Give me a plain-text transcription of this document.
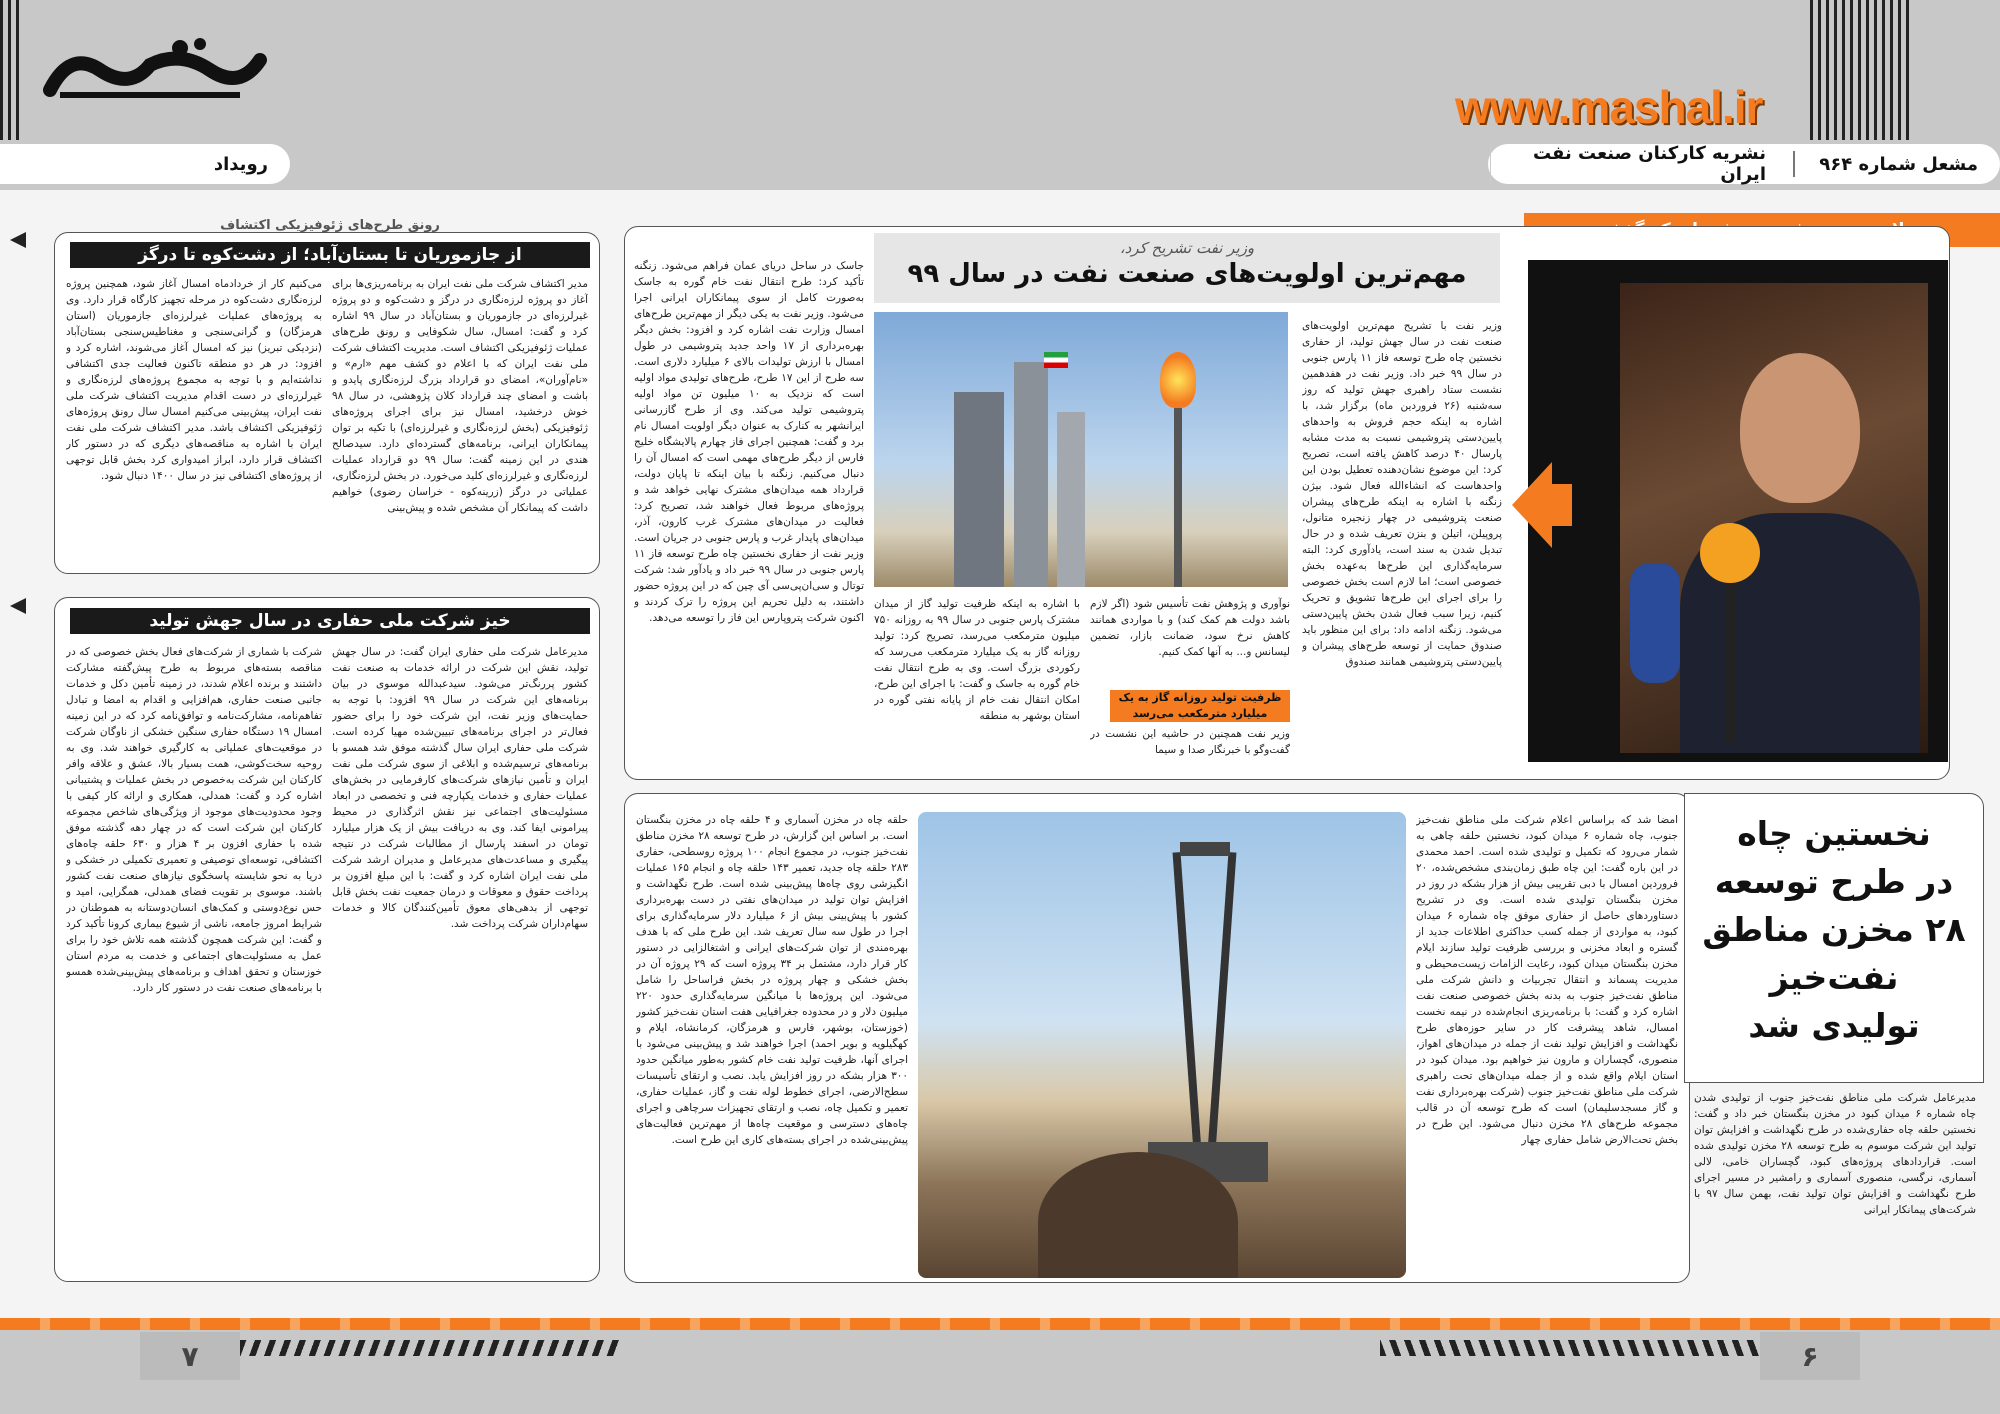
www.mashal.ir
مشعل شماره ۹۶۴
نشریه کارکنان صنعت نفت ایران
رویداد
وزیر نفت تشریح کرد،
مهم‌ترین اولویت‌های صنعت نفت در سال ۹۹
وزیر نفت با تشریح مهم‌ترین اولویت‌های صنعت نفت در سال جهش تولید، از حفاری نخستین چاه طرح توسعه فاز ۱۱ پارس جنوبی در سال ۹۹ خبر داد. وزیر نفت در هفدهمین نشست ستاد راهبری جهش تولید که روز سه‌شنبه (۲۶ فروردین ماه) برگزار شد، با اشاره به اینکه حجم فروش به واحدهای پایین‌دستی پتروشیمی نسبت به مدت مشابه پارسال ۴۰ درصد کاهش یافته است، تصریح کرد: این موضوع نشان‌دهنده تعطیل بودن این واحدهاست که انشاءالله فعال شود. بیژن زنگنه با اشاره به اینکه طرح‌های پیشران صنعت پتروشیمی در چهار زنجیره متانول، پروپیلن، اتیلن و بنزن تعریف شده و در حال تبدیل شدن به سند است، یادآوری کرد: البته سرمایه‌گذاری این طرح‌ها به‌عهده بخش خصوصی است؛ اما لازم است بخش خصوصی را برای اجرای این طرح‌ها تشویق و تحریک کنیم، زیرا سبب فعال شدن بخش پایین‌دستی می‌شود. زنگنه ادامه داد: برای این منظور باید صندوق حمایت از توسعه طرح‌های پیشران و پایین‌دستی پتروشیمی همانند صندوق
نوآوری و پژوهش نفت تأسیس شود (اگر لازم باشد دولت هم کمک کند) و با مواردی همانند کاهش نرخ سود، ضمانت بازار، تضمین لیسانس و... به آنها کمک کنیم.
ظرفیت تولید روزانه گاز به یک میلیارد مترمکعب می‌رسد
وزیر نفت همچنین در حاشیه این نشست در گفت‌وگو با خبرنگار صدا و سیما
با اشاره به اینکه ظرفیت تولید گاز از میدان مشترک پارس جنوبی در سال ۹۹ به روزانه ۷۵۰ میلیون مترمکعب می‌رسد، تصریح کرد: تولید روزانه گاز به یک میلیارد مترمکعب می‌رسد که رکوردی بزرگ است. وی به طرح انتقال نفت خام گوره به جاسک و گفت: با اجرای این طرح، امکان انتقال نفت خام از پایانه نفتی گوره در استان بوشهر به منطقه
جاسک در ساحل دریای عمان فراهم می‌شود. زنگنه تأکید کرد: طرح انتقال نفت خام گوره به جاسک به‌صورت کامل از سوی پیمانکاران ایرانی اجرا می‌شود. وزیر نفت به یکی دیگر از مهم‌ترین طرح‌های امسال وزارت نفت اشاره کرد و افزود: بخش دیگر بهره‌برداری از ۱۷ واحد جدید پتروشیمی در طول امسال با ارزش تولیدات بالای ۶ میلیارد دلاری است. سه طرح از این ۱۷ طرح، طرح‌های تولیدی مواد اولیه است که نزدیک به ۱۰ میلیون تن مواد اولیه پتروشیمی تولید می‌کند. وی از طرح گازرسانی ایرانشهر به کنارک به عنوان دیگر اولویت امسال نام برد و گفت: همچنین اجرای فاز چهارم پالایشگاه خلیج فارس از دیگر طرح‌های مهمی است که امسال آن را دنبال می‌کنیم. زنگنه با بیان اینکه تا پایان دولت، قرارداد همه میدان‌های مشترک نهایی خواهد شد و پروژه‌های مربوط فعال خواهند شد، تصریح کرد: فعالیت در میدان‌های مشترک غرب کارون، آذر، میدان‌های پایدار غرب و پارس جنوبی در جریان است. وزیر نفت از حفاری نخستین چاه طرح توسعه فاز ۱۱ پارس جنوبی در سال ۹۹ خبر داد و یادآور شد: شرکت توتال و سی‌ان‌پی‌سی آی چین که در این پروژه حضور داشتند، به دلیل تحریم این پروژه را ترک کردند و اکنون شرکت پتروپارس این فاز را توسعه می‌دهد.
نخستین چاه
در طرح توسعه
۲۸ مخزن مناطق
نفت‌خیز
تولیدی شد
مدیرعامل شرکت ملی مناطق نفت‌خیز جنوب از تولیدی شدن چاه شماره ۶ میدان کبود در مخزن بنگستان خبر داد و گفت: نخستین حلقه چاه حفاری‌شده در طرح نگهداشت و افزایش توان تولید این شرکت موسوم به طرح توسعه ۲۸ مخزن تولیدی شده است. قراردادهای پروژه‌های کبود، گچساران خامی، لالی آسماری، نرگسی، منصوری آسماری و رامشیر در مسیر اجرای طرح نگهداشت و افزایش توان تولید نفت، بهمن سال ۹۷ با شرکت‌های پیمانکار ایرانی
امضا شد که براساس اعلام شرکت ملی مناطق نفت‌خیز جنوب، چاه شماره ۶ میدان کبود، نخستین حلقه چاهی به شمار می‌رود که تکمیل و تولیدی شده است. احمد محمدی در این باره گفت: این چاه طبق زمان‌بندی مشخص‌شده، ۲۰ فروردین امسال با دبی تقریبی بیش از هزار بشکه در روز در مخزن بنگستان تولیدی شده است. وی در تشریح دستاوردهای حاصل از حفاری موفق چاه شماره ۶ میدان کبود، به مواردی از جمله کسب حداکثری اطلاعات جدید از گستره و ابعاد مخزنی و بررسی ظرفیت تولید سازند ایلام مخزن بنگستان میدان کبود، رعایت الزامات زیست‌محیطی و مدیریت پسماند و انتقال تجربیات و دانش شرکت ملی مناطق نفت‌خیز جنوب به بدنه بخش خصوصی صنعت نفت اشاره کرد و گفت: با برنامه‌ریزی انجام‌شده در نیمه نخست امسال، شاهد پیشرفت کار در سایر حوزه‌های طرح نگهداشت و افزایش تولید نفت از جمله در میدان‌های اهواز، منصوری، گچساران و مارون نیز خواهیم بود. میدان کبود در استان ایلام واقع شده و از جمله میدان‌های تحت راهبری شرکت ملی مناطق نفت‌خیز جنوب (شرکت بهره‌برداری نفت و گاز مسجدسلیمان) است که طرح توسعه آن در قالب مجموعه طرح‌های ۲۸ مخزن دنبال می‌شود. این طرح در بخش تحت‌الارض شامل حفاری چهار
حلقه چاه در مخزن آسماری و ۴ حلقه چاه در مخزن بنگستان است. بر اساس این گزارش، در طرح توسعه ۲۸ مخزن مناطق نفت‌خیز جنوب، در مجموع انجام ۱۰۰ پروژه روسطحی، حفاری ۲۸۳ حلقه چاه جدید، تعمیر ۱۴۳ حلقه چاه و انجام ۱۶۵ عملیات انگیزشی روی چاه‌ها پیش‌بینی شده است. طرح نگهداشت و افزایش توان تولید در میدان‌های نفتی در دست بهره‌برداری کشور با پیش‌بینی بیش از ۶ میلیارد دلار سرمایه‌گذاری برای اجرا در طول سه سال تعریف شد. این طرح ملی که با هدف بهره‌مندی از توان شرکت‌های ایرانی و اشتغالزایی در دستور کار قرار دارد، مشتمل بر ۳۴ پروژه است که ۲۹ پروژه آن در بخش خشکی و چهار پروژه در بخش فراساحل را شامل می‌شود. این پروژه‌ها با میانگین سرمایه‌گذاری حدود ۲۲۰ میلیون دلار و در محدوده جغرافیایی هفت استان نفت‌خیز کشور (خوزستان، بوشهر، فارس و هرمزگان، کرمانشاه، ایلام و کهگیلویه و بویر احمد) اجرا خواهند شد و پیش‌بینی می‌شود با اجرای آنها، ظرفیت تولید نفت خام کشور به‌طور میانگین حدود ۳۰۰ هزار بشکه در روز افزایش یابد. نصب و ارتقای تأسیسات سطح‌الارضی، اجرای خطوط لوله نفت و گاز، عملیات حفاری، تعمیر و تکمیل چاه، نصب و ارتقای تجهیزات سرچاهی و اجرای چاه‌های دسترسی و موقعیت چاه‌ها از مهم‌ترین فعالیت‌های پیش‌بینی‌شده در اجرای بسته‌های کاری این طرح است.
رونق طرح‌های ژئوفیزیکی اکتشاف
از جازموریان تا بستان‌آباد؛ از دشت‌کوه تا درگز
مدیر اکتشاف شرکت ملی نفت ایران به برنامه‌ریزی‌ها برای آغاز دو پروژه لرزه‌نگاری در درگز و دشت‌کوه و دو پروژه غیرلرزه‌ای در جازموریان و بستان‌آباد در سال ۹۹ اشاره کرد و گفت: امسال، سال شکوفایی و رونق طرح‌های عملیات ژئوفیزیکی اکتشاف است. مدیریت اکتشاف شرکت ملی نفت ایران که با اعلام دو کشف مهم «ارم» و «نام‌آوران»، امضای دو قرارداد بزرگ لرزه‌نگاری پایدو و باشت و امضای چند قرارداد کلان پژوهشی، در سال ۹۸ خوش درخشید، امسال نیز برای اجرای پروژه‌های ژئوفیزیکی (بخش لرزه‌نگاری و غیرلرزه‌ای) با تکیه بر توان پیمانکاران ایرانی، برنامه‌های گسترده‌ای دارد. سیدصالح هندی در این زمینه گفت: سال ۹۹ دو قرارداد عملیات لرزه‌نگاری و غیرلرزه‌ای کلید می‌خورد. در بخش لرزه‌نگاری، عملیاتی در درگز (زرینه‌کوه - خراسان رضوی) خواهیم داشت که پیمانکار آن مشخص شده و پیش‌بینی
می‌کنیم کار از خردادماه امسال آغاز شود، همچنین پروژه لرزه‌نگاری دشت‌کوه در مرحله تجهیز کارگاه قرار دارد. وی به پروژه‌های عملیات غیرلرزه‌ای جازموریان (استان هرمزگان) و گرانی‌سنجی و مغناطیس‌سنجی بستان‌آباد (نزدیکی تبریز) نیز که امسال آغاز می‌شوند، اشاره کرد و افزود: در هر دو منطقه تاکنون فعالیت جدی اکتشافی نداشته‌ایم و با توجه به مجموع پروژه‌های لرزه‌نگاری و غیرلرزه‌ای در دست اقدام مدیریت اکتشاف شرکت ملی نفت ایران، پیش‌بینی می‌کنیم امسال سال رونق پروژه‌های ژئوفیزیکی اکتشاف باشد. مدیر اکتشاف شرکت ملی نفت ایران با اشاره به مناقصه‌های دیگری که در دستور کار اکتشاف قرار دارد، ابراز امیدواری کرد بخش قابل توجهی از پروژه‌های اکتشافی نیز در سال ۱۴۰۰ دنبال شود.
خیز شرکت ملی حفاری در سال جهش تولید
مدیرعامل شرکت ملی حفاری ایران گفت: در سال جهش تولید، نقش این شرکت در ارائه خدمات به صنعت نفت کشور پررنگ‌تر می‌شود. سیدعبدالله موسوی در بیان برنامه‌های این شرکت در سال ۹۹ افزود: با توجه به حمایت‌های وزیر نفت، این شرکت خود را برای حضور فعال‌تر در اجرای برنامه‌های تبیین‌شده مهیا کرده است. شرکت ملی حفاری ایران سال گذشته موفق شد همسو با برنامه‌های ترسیم‌شده و ابلاغی از سوی شرکت ملی نفت ایران و تأمین نیازهای شرکت‌های کارفرمایی در بخش‌های عملیات حفاری و خدمات یکپارچه فنی و تخصصی در ابعاد مسئولیت‌های اجتماعی نیز نقش اثرگذاری در محیط پیرامونی ایفا کند. وی به دریافت بیش از یک هزار میلیارد تومان در اسفند پارسال از مطالبات شرکت در نتیجه پیگیری و مساعدت‌های مدیرعامل و مدیران ارشد شرکت ملی نفت ایران اشاره کرد و گفت: با این مبلغ افزون بر پرداخت حقوق و معوقات و درمان جمعیت نفت بخش قابل توجهی از بدهی‌های معوق تأمین‌کنندگان کالا و خدمات سهام‌داران شرکت پرداخت شد.
شرکت با شماری از شرکت‌های فعال بخش خصوصی که در مناقصه بسته‌های مربوط به طرح پیش‌گفته مشارکت داشتند و برنده اعلام شدند، در زمینه تأمین دکل و خدمات جانبی صنعت حفاری، هم‌افزایی و اقدام به امضا و تبادل تفاهم‌نامه، مشارکت‌نامه و توافق‌نامه کرد که در این زمینه امسال ۱۹ دستگاه حفاری سنگین خشکی از ناوگان شرکت در موقعیت‌های عملیاتی به کارگیری خواهند شد. وی به روحیه سخت‌کوشی، همت بسیار بالا، عشق و علاقه وافر کارکنان این شرکت به‌خصوص در بخش عملیات و پشتیبانی اشاره کرد و گفت: همدلی، همکاری و ارائه کار کیفی با وجود محدودیت‌های موجود از ویژگی‌های شاخص مجموعه کارکنان این شرکت است که در چهار دهه گذشته موفق شده با حفاری افزون بر ۴ هزار و ۶۳۰ حلقه چاه‌های اکتشافی، توسعه‌ای توصیفی و تعمیری تکمیلی در خشکی و دریا به نحو شایسته پاسخگوی نیازهای صنعت نفت کشور باشند. موسوی بر تقویت فضای همدلی، همگرایی، امید و حس نوع‌دوستی و کمک‌های انسان‌دوستانه به هموطنان در شرایط امروز جامعه، ناشی از شیوع بیماری کرونا تأکید کرد و گفت: این شرکت همچون گذشته همه تلاش خود را برای عمل به مسئولیت‌های اجتماعی و خدمت به مردم استان خوزستان و تحقق اهداف و برنامه‌های پیش‌بینی‌شده همسو با برنامه‌های صنعت نفت در دستور کار دارد.
۷	۶
